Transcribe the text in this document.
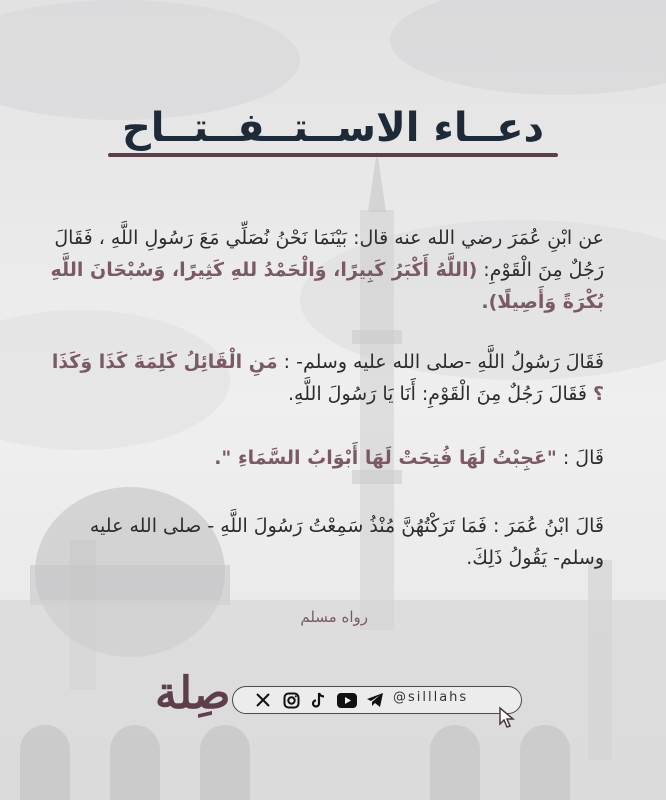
دعــاء الاســتــفــتــاح
عن ابْنِ عُمَرَ رضي الله عنه قال: بَيْنَمَا نَحْنُ نُصَلِّي مَعَ رَسُولِ اللَّهِ ، فَقَالَ رَجُلٌ مِنَ الْقَوْمِ: (اللَّهُ أَكْبَرُ كَبِيرًا، وَالْحَمْدُ للهِ كَثِيرًا، وَسُبْحَانَ اللَّهِ بُكْرَةً وَأَصِيلًا).
فَقَالَ رَسُولُ اللَّهِ -صلى الله عليه وسلم- : مَنِ الْقَائِلُ كَلِمَةَ كَذَا وَكَذَا ؟ فَقَالَ رَجُلٌ مِنَ الْقَوْمِ: أَنَا يَا رَسُولَ اللَّهِ.
قَالَ : "عَجِبْتُ لَهَا فُتِحَتْ لَهَا أَبْوَابُ السَّمَاءِ ".
قَالَ ابْنُ عُمَرَ : فَمَا تَرَكْتُهُنَّ مُنْذُ سَمِعْتُ رَسُولَ اللَّهِ - صلى الله عليه وسلم- يَقُولُ ذَلِكَ.
رواه مسلم
صِلة	@silllahs
